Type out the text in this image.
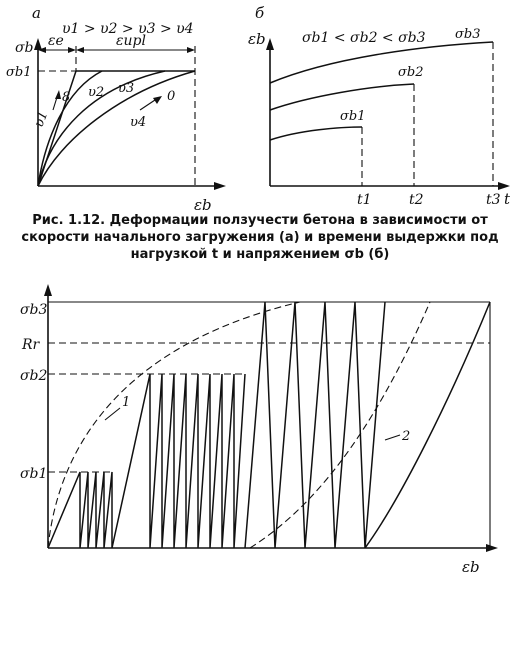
а
υ1 > υ2 > υ3 > υ4
σb
σb1
εb
εe	εupl
υ1
υ2 υ3
υ4
8	0
б
σb1 < σb2 < σb3
εb
t
σb1
σb2
σb3
t1	t2	t3

Рис. 1.12. Деформации ползучести бетона в зависимости от скорости начального загружения (а) и времени выдержки под нагрузкой t и напряжением σb (б)

σb3
Rr
σb2
σb1
εb
1
2
